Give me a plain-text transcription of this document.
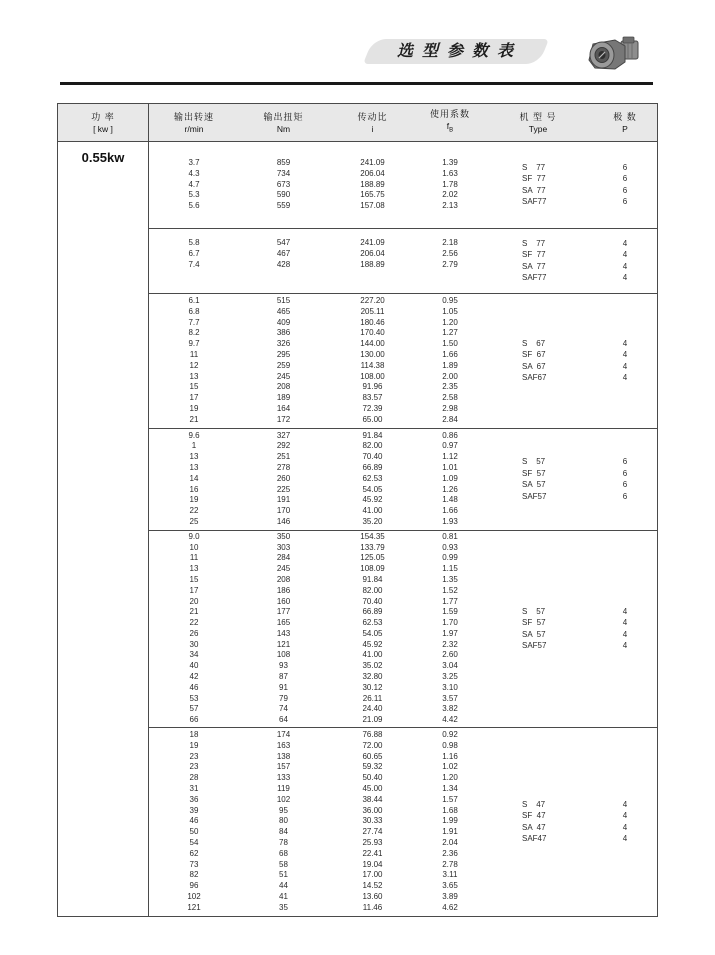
选型参数表
功 率
[ kw ]
输出转速
r/min
输出扭矩
Nm
传动比
i
使用系数
$f_B$
机 型 号
Type
极 数
P
0.55kw	3.7
4.3
4.7
5.3
5.6
859
734
673
590
559
241.09
206.04
188.89
165.75
157.08
1.39
1.63
1.78
2.02
2.13
S    77
SF  77
SA  77
SAF77
6
6
6
6
5.8
6.7
7.4
547
467
428
241.09
206.04
188.89
2.18
2.56
2.79
S    77
SF  77
SA  77
SAF77
4
4
4
4
6.1
6.8
7.7
8.2
9.7
11
12
13
15
17
19
21
515
465
409
386
326
295
259
245
208
189
164
172
227.20
205.11
180.46
170.40
144.00
130.00
114.38
108.00
91.96
83.57
72.39
65.00
0.95
1.05
1.20
1.27
1.50
1.66
1.89
2.00
2.35
2.58
2.98
2.84
S    67
SF  67
SA  67
SAF67
4
4
4
4
9.6
1
13
13
14
16
19
22
25
327
292
251
278
260
225
191
170
146
91.84
82.00
70.40
66.89
62.53
54.05
45.92
41.00
35.20
0.86
0.97
1.12
1.01
1.09
1.26
1.48
1.66
1.93
S    57
SF  57
SA  57
SAF57
6
6
6
6
9.0
10
11
13
15
17
20
21
22
26
30
34
40
42
46
53
57
66
350
303
284
245
208
186
160
177
165
143
121
108
93
87
91
79
74
64
154.35
133.79
125.05
108.09
91.84
82.00
70.40
66.89
62.53
54.05
45.92
41.00
35.02
32.80
30.12
26.11
24.40
21.09
0.81
0.93
0.99
1.15
1.35
1.52
1.77
1.59
1.70
1.97
2.32
2.60
3.04
3.25
3.10
3.57
3.82
4.42
S    57
SF  57
SA  57
SAF57
4
4
4
4
18
19
23
23
28
31
36
39
46
50
54
62
73
82
96
102
121
174
163
138
157
133
119
102
95
80
84
78
68
58
51
44
41
35
76.88
72.00
60.65
59.32
50.40
45.00
38.44
36.00
30.33
27.74
25.93
22.41
19.04
17.00
14.52
13.60
11.46
0.92
0.98
1.16
1.02
1.20
1.34
1.57
1.68
1.99
1.91
2.04
2.36
2.78
3.11
3.65
3.89
4.62
S    47
SF  47
SA  47
SAF47
4
4
4
4
